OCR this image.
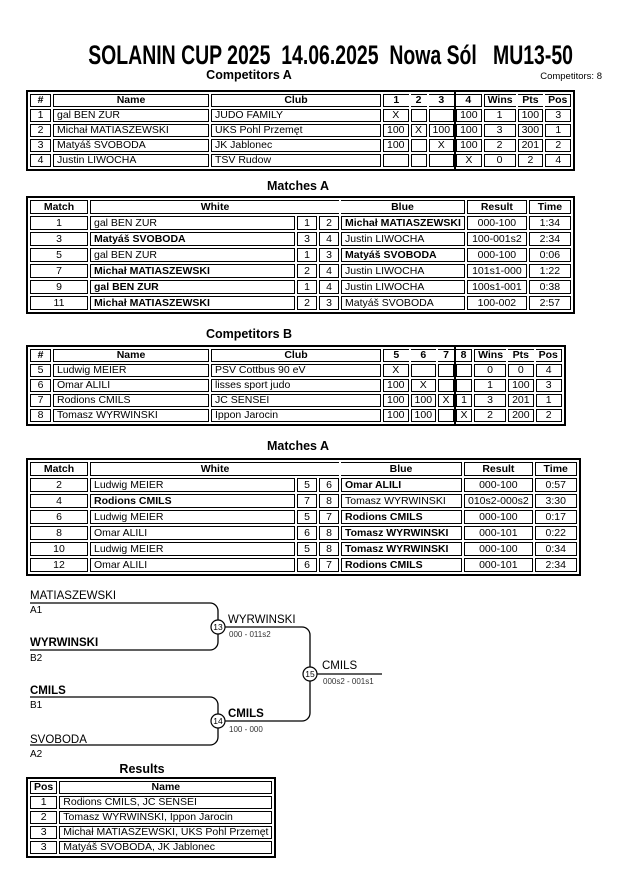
SOLANIN CUP 2025  14.06.2025  Nowa Sól   MU13-50
Competitors A	Competitors: 8
#	Name	Club	1	2	3	4	Wins	Pts	Pos
1	gal BEN ZUR	JUDO FAMILY	X			100	1	100	3
2	Michał MATIASZEWSKI	UKS Pohl Przemęt	100	X	100	100	3	300	1
3	Matyáš SVOBODA	JK Jablonec	100		X	100	2	201	2
4	Justin LIWOCHA	TSV Rudow				X	0	2	4
Matches A
Match	White			Blue	Result	Time
1	gal BEN ZUR	1	2	Michał MATIASZEWSKI	000-100	1:34
3	Matyáš SVOBODA	3	4	Justin LIWOCHA	100-001s2	2:34
5	gal BEN ZUR	1	3	Matyáš SVOBODA	000-100	0:06
7	Michał MATIASZEWSKI	2	4	Justin LIWOCHA	101s1-000	1:22
9	gal BEN ZUR	1	4	Justin LIWOCHA	100s1-001	0:38
11	Michał MATIASZEWSKI	2	3	Matyáš SVOBODA	100-002	2:57
Competitors B
#	Name	Club	5	6	7	8	Wins	Pts	Pos
5	Ludwig MEIER	PSV Cottbus 90 eV	X				0	0	4
6	Omar ALILI	lisses sport judo	100	X			1	100	3
7	Rodions CMILS	JC SENSEI	100	100	X	1	3	201	1
8	Tomasz WYRWINSKI	Ippon Jarocin	100	100		X	2	200	2
Matches A
Match	White			Blue	Result	Time
2	Ludwig MEIER	5	6	Omar ALILI	000-100	0:57
4	Rodions CMILS	7	8	Tomasz WYRWINSKI	010s2-000s2	3:30
6	Ludwig MEIER	5	7	Rodions CMILS	000-100	0:17
8	Omar ALILI	6	8	Tomasz WYRWINSKI	000-101	0:22
10	Ludwig MEIER	5	8	Tomasz WYRWINSKI	000-100	0:34
12	Omar ALILI	6	7	Rodions CMILS	000-101	2:34
MATIASZEWSKI
A1
WYRWINSKI
B2
CMILS
B1
SVOBODA
A2
13
WYRWINSKI
000 - 011s2
14
CMILS
100 - 000
15
CMILS
000s2 - 001s1
Results
Pos	Name
1	Rodions CMILS, JC SENSEI
2	Tomasz WYRWINSKI, Ippon Jarocin
3	Michał MATIASZEWSKI, UKS Pohl Przemęt
3	Matyáš SVOBODA, JK Jablonec
